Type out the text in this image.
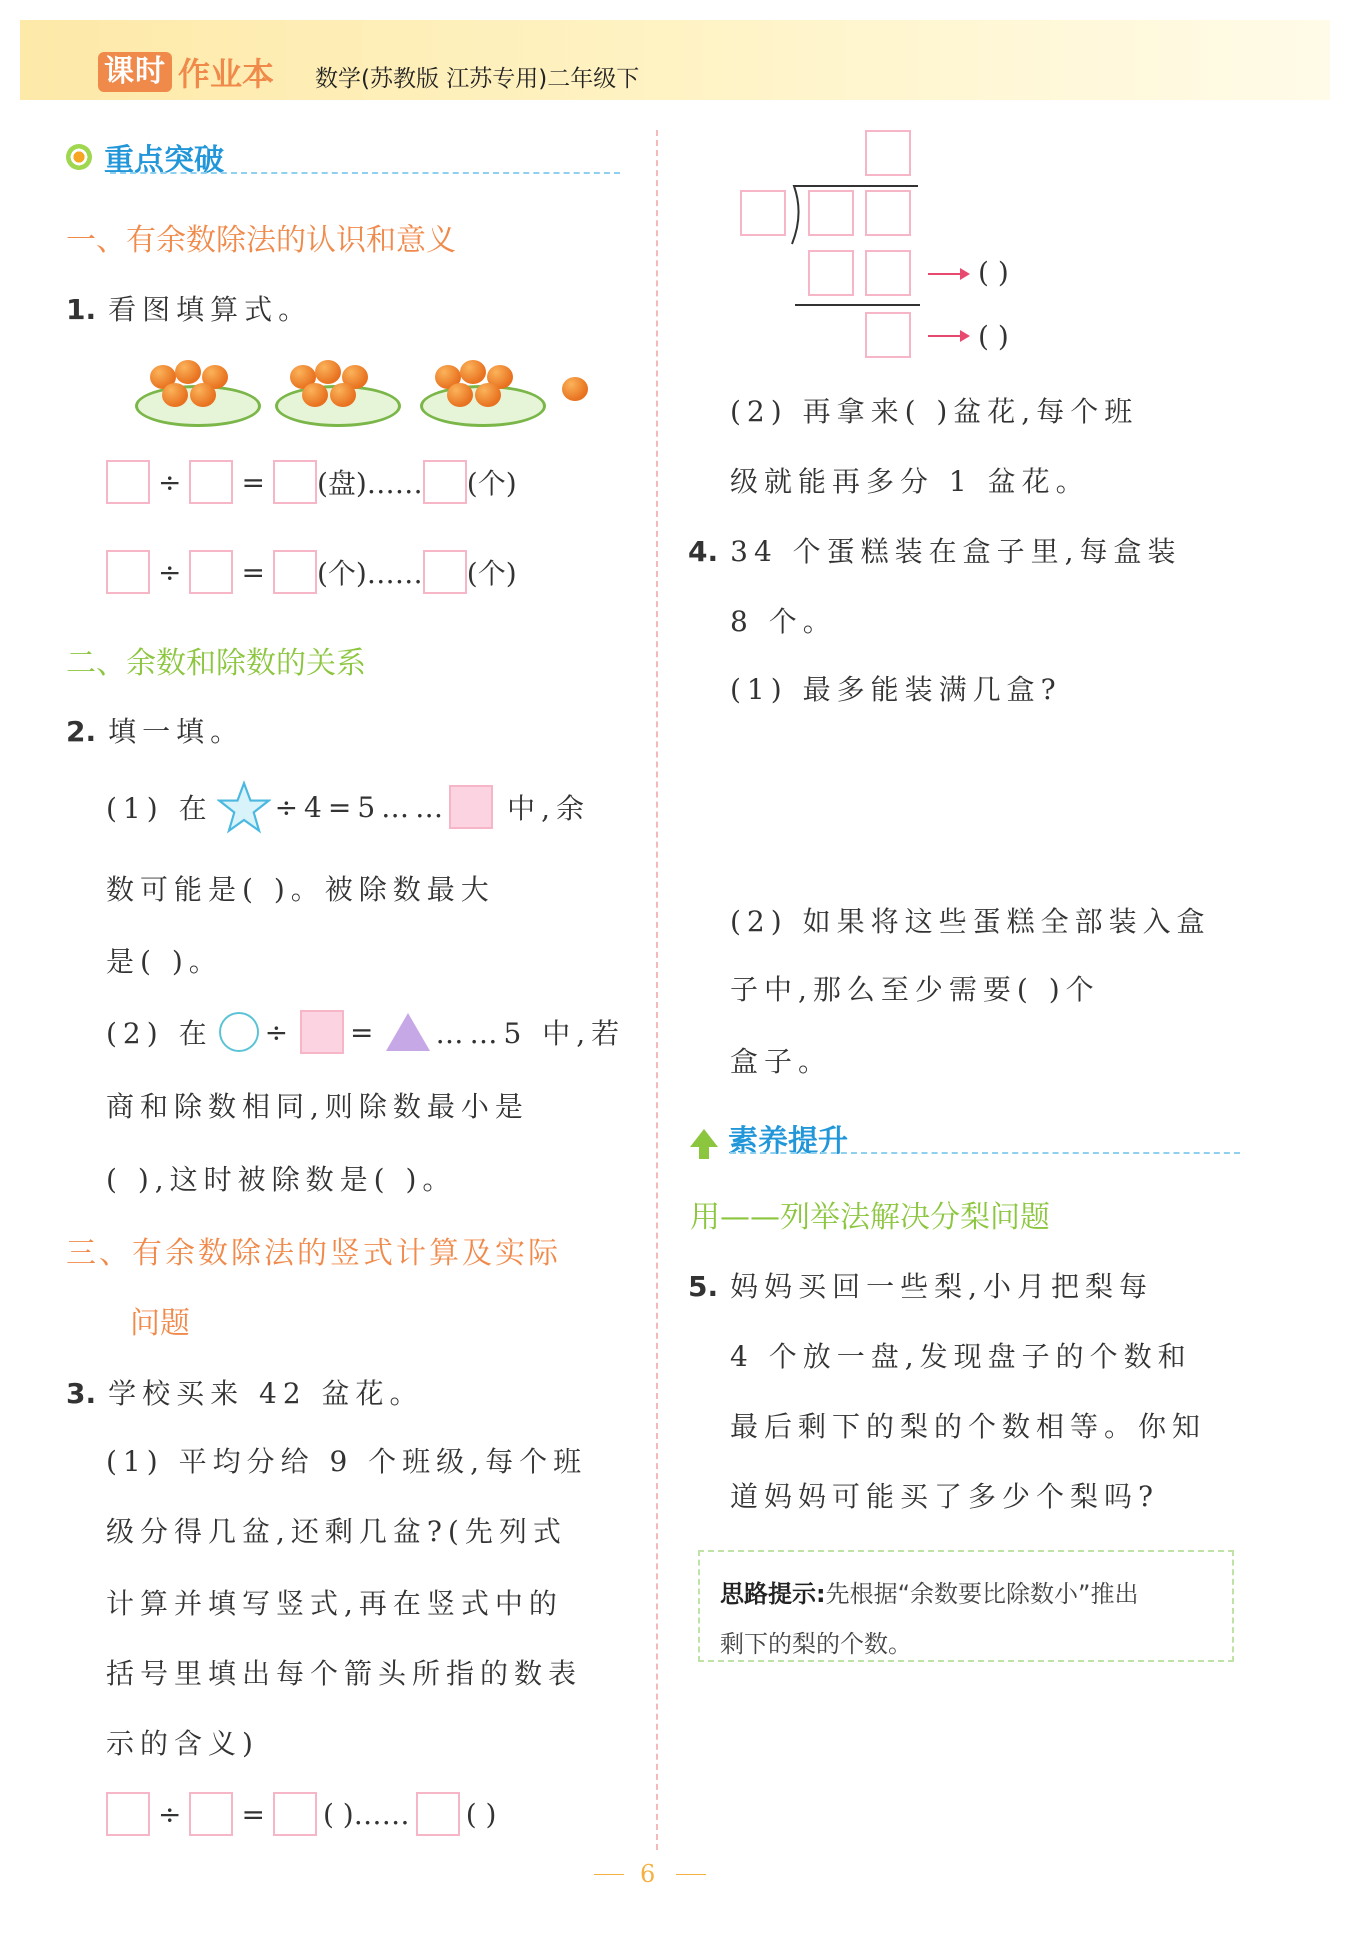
课时 作业本 数学(苏教版 江苏专用)二年级下
重点突破
一、有余数除法的认识和意义
1. 看图填算式。
÷ = (盘)…… (个)
÷ = (个)…… (个)
二、余数和除数的关系
2. 填一填。
(1) 在 ÷4=5…… 中,余
数可能是( )。被除数最大
是( )。
(2) 在 ÷ = ……5 中,若
商和除数相同,则除数最小是
( ),这时被除数是( )。
三、有余数除法的竖式计算及实际
问题
3. 学校买来 42 盆花。
(1) 平均分给 9 个班级,每个班
级分得几盆,还剩几盆?(先列式
计算并填写竖式,再在竖式中的
括号里填出每个箭头所指的数表
示的含义)
÷ = ( )…… ( )
( )
( )
(2) 再拿来( )盆花,每个班
级就能再多分 1 盆花。
4. 34 个蛋糕装在盒子里,每盒装
8 个。
(1) 最多能装满几盒?
(2) 如果将这些蛋糕全部装入盒
子中,那么至少需要( )个
盒子。
素养提升
用——列举法解决分梨问题
5. 妈妈买回一些梨,小月把梨每
4 个放一盘,发现盘子的个数和
最后剩下的梨的个数相等。你知
道妈妈可能买了多少个梨吗?
思路提示:先根据“余数要比除数小”推出
剩下的梨的个数。
6
